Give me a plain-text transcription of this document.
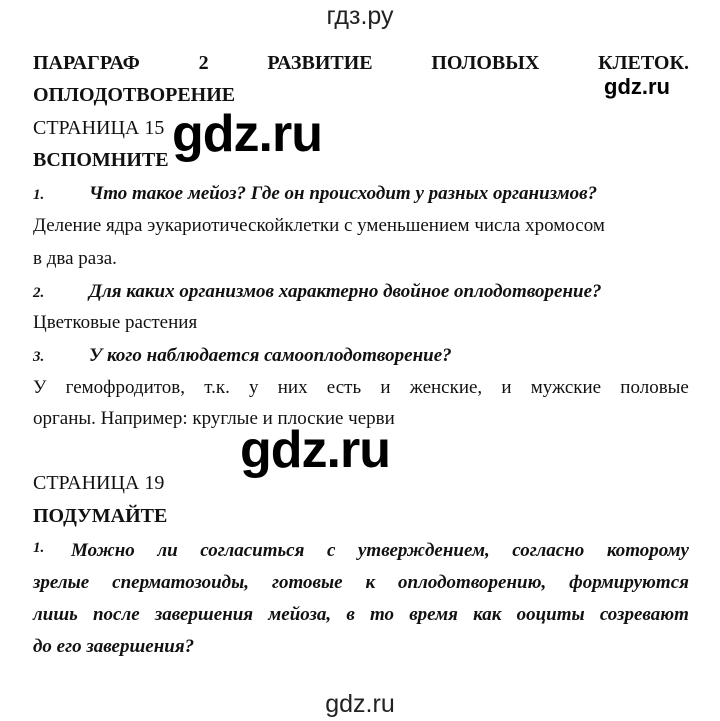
гдз.ру
ПАРАГРАФ	2	РАЗВИТИЕ	ПОЛОВЫХ	КЛЕТОК.
ОПЛОДОТВОРЕНИЕ	gdz.ru
СТРАНИЦА 15 gdz.ru
ВСПОМНИТЕ
1. Что такое мейоз? Где он происходит у разных организмов?
Деление ядра эукариотическойклетки с уменьшением числа хромосом
в два раза.
2. Для каких организмов характерно двойное оплодотворение?
Цветковые растения
3. У кого наблюдается самооплодотворение?
У гемофродитов, т.к. у них есть и женские, и мужские половые
органы. Например: круглые и плоские черви
gdz.ru
СТРАНИЦА 19
ПОДУМАЙТЕ
1.	Можно ли согласиться с утверждением, согласно которому
зрелые сперматозоиды, готовые к оплодотворению, формируются
лишь после завершения мейоза, в то время как ооциты созревают
до его завершения?
gdz.ru
